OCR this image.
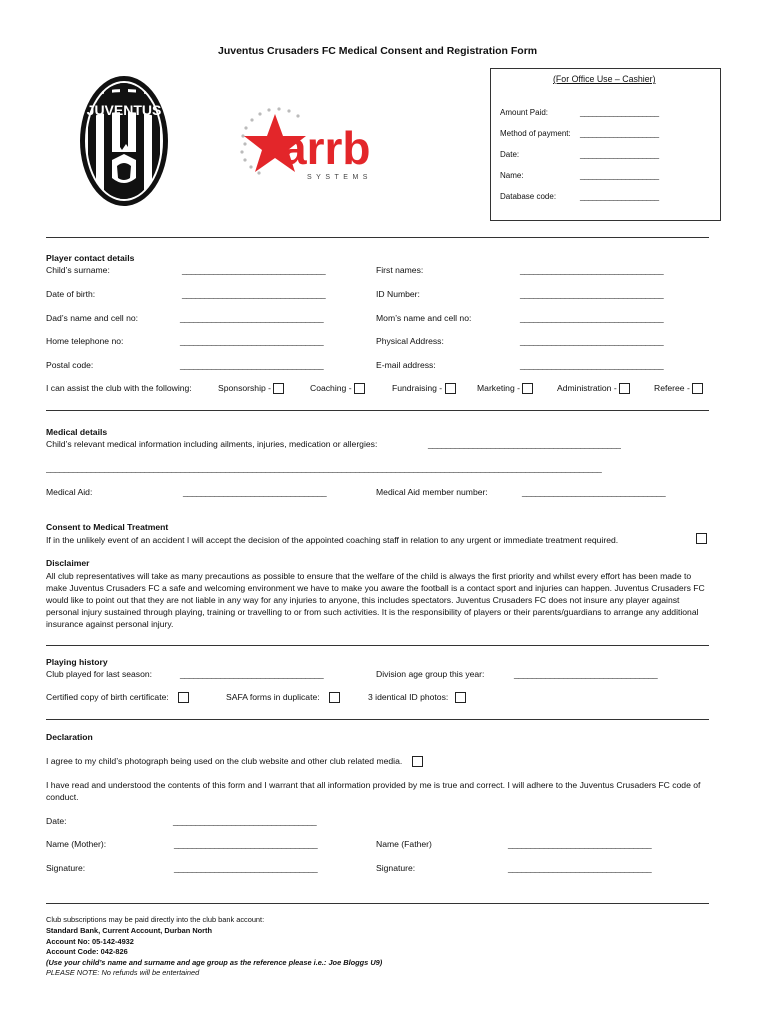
Juventus Crusaders FC Medical Consent and Registration Form
JUVENTUS
arrb
SYSTEMS
(For Office Use – Cashier)
Amount Paid:	___________________
Method of payment: ___________________
Date:	___________________
Name:	___________________
Database code:	___________________
Player contact details
Child’s surname:	________________________________	First names:	________________________________
Date of birth:	________________________________	ID Number:	________________________________
Dad’s name and cell no:	________________________________	Mom’s name and cell no:	________________________________
Home telephone no:	________________________________	Physical Address:	________________________________
Postal code:	________________________________	E-mail address:	________________________________
I can assist the club with the following:	Sponsorship -	Coaching -	Fundraising -	Marketing -	Administration -	Referee -
Medical details
Child’s relevant medical information including ailments, injuries, medication or allergies:	___________________________________________
____________________________________________________________________________________________________________________________
Medical Aid:	________________________________	Medical Aid member number:	________________________________
Consent to Medical Treatment
If in the unlikely event of an accident I will accept the decision of the appointed coaching staff in relation to any urgent or immediate treatment required.
Disclaimer
All club representatives will take as many precautions as possible to ensure that the welfare of the child is always the first priority and whilst every effort has been made to make Juventus Crusaders FC a safe and welcoming environment we have to make you aware the football is a contact sport and injuries can happen. Juventus Crusaders FC would like to point out that they are not liable in any way for any injuries to anyone, this includes spectators. Juventus Crusaders FC does not insure any player against personal injury sustained through playing, training or travelling to or from such activities. It is the responsibility of players or their parents/guardians to arrange any additional insurance against personal injury.
Playing history
Club played for last season:	________________________________	Division age group this year:	________________________________
Certified copy of birth certificate:	SAFA forms in duplicate:	3 identical ID photos:
Declaration
I agree to my child’s photograph being used on the club website and other club related media.
I have read and understood the contents of this form and I warrant that all information provided by me is true and correct. I will adhere to the Juventus Crusaders FC code of conduct.
Date:	________________________________
Name (Mother):	________________________________	Name (Father)	________________________________
Signature:	________________________________	Signature:	________________________________
Club subscriptions may be paid directly into the club bank account:
Standard Bank, Current Account, Durban North
Account No: 05-142-4932
Account Code: 042-826
(Use your child’s name and surname and age group as the reference please i.e.: Joe Bloggs U9)
PLEASE NOTE: No refunds will be entertained
